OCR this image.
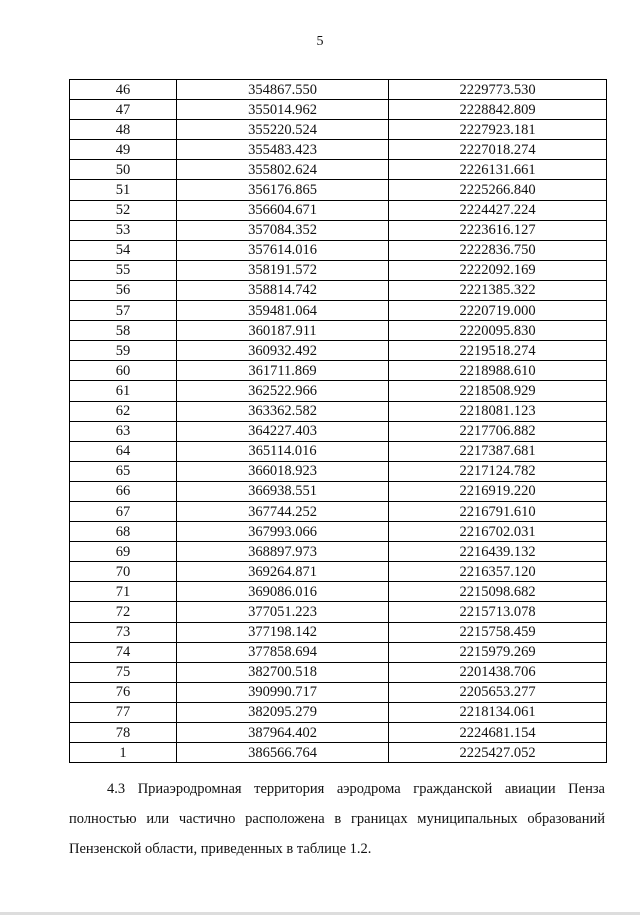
5
46	354867.550	2229773.530
47	355014.962	2228842.809
48	355220.524	2227923.181
49	355483.423	2227018.274
50	355802.624	2226131.661
51	356176.865	2225266.840
52	356604.671	2224427.224
53	357084.352	2223616.127
54	357614.016	2222836.750
55	358191.572	2222092.169
56	358814.742	2221385.322
57	359481.064	2220719.000
58	360187.911	2220095.830
59	360932.492	2219518.274
60	361711.869	2218988.610
61	362522.966	2218508.929
62	363362.582	2218081.123
63	364227.403	2217706.882
64	365114.016	2217387.681
65	366018.923	2217124.782
66	366938.551	2216919.220
67	367744.252	2216791.610
68	367993.066	2216702.031
69	368897.973	2216439.132
70	369264.871	2216357.120
71	369086.016	2215098.682
72	377051.223	2215713.078
73	377198.142	2215758.459
74	377858.694	2215979.269
75	382700.518	2201438.706
76	390990.717	2205653.277
77	382095.279	2218134.061
78	387964.402	2224681.154
1	386566.764	2225427.052

4.3 Приаэродромная территория аэродрома гражданской авиации Пенза полностью или частично расположена в границах муниципальных образований Пензенской области, приведенных в таблице 1.2.
